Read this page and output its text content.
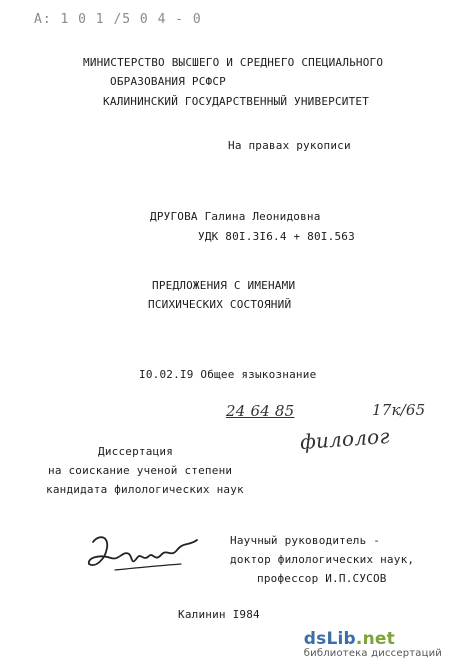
A: 1 0 1 /5 0 4 - 0
МИНИСТЕРСТВО ВЫСШЕГО И СРЕДНЕГО СПЕЦИАЛЬНОГО
ОБРАЗОВАНИЯ РСФСР
КАЛИНИНСКИЙ ГОСУДАРСТВЕННЫЙ УНИВЕРСИТЕТ
На правах рукописи
ДРУГОВА Галина Леонидовна
УДК 80I.3I6.4 + 80I.563
ПРЕДЛОЖЕНИЯ С ИМЕНАМИ
ПСИХИЧЕСКИХ СОСТОЯНИЙ
I0.02.I9 Общее языкознание
24 64 85	17к/65
филолог
Диссертация
на соискание ученой степени
кандидата филологических наук
Научный руководитель -
доктор филологических наук,
профессор И.П.СУСОВ
Калинин I984
dsLib.net
библиотека диссертаций
